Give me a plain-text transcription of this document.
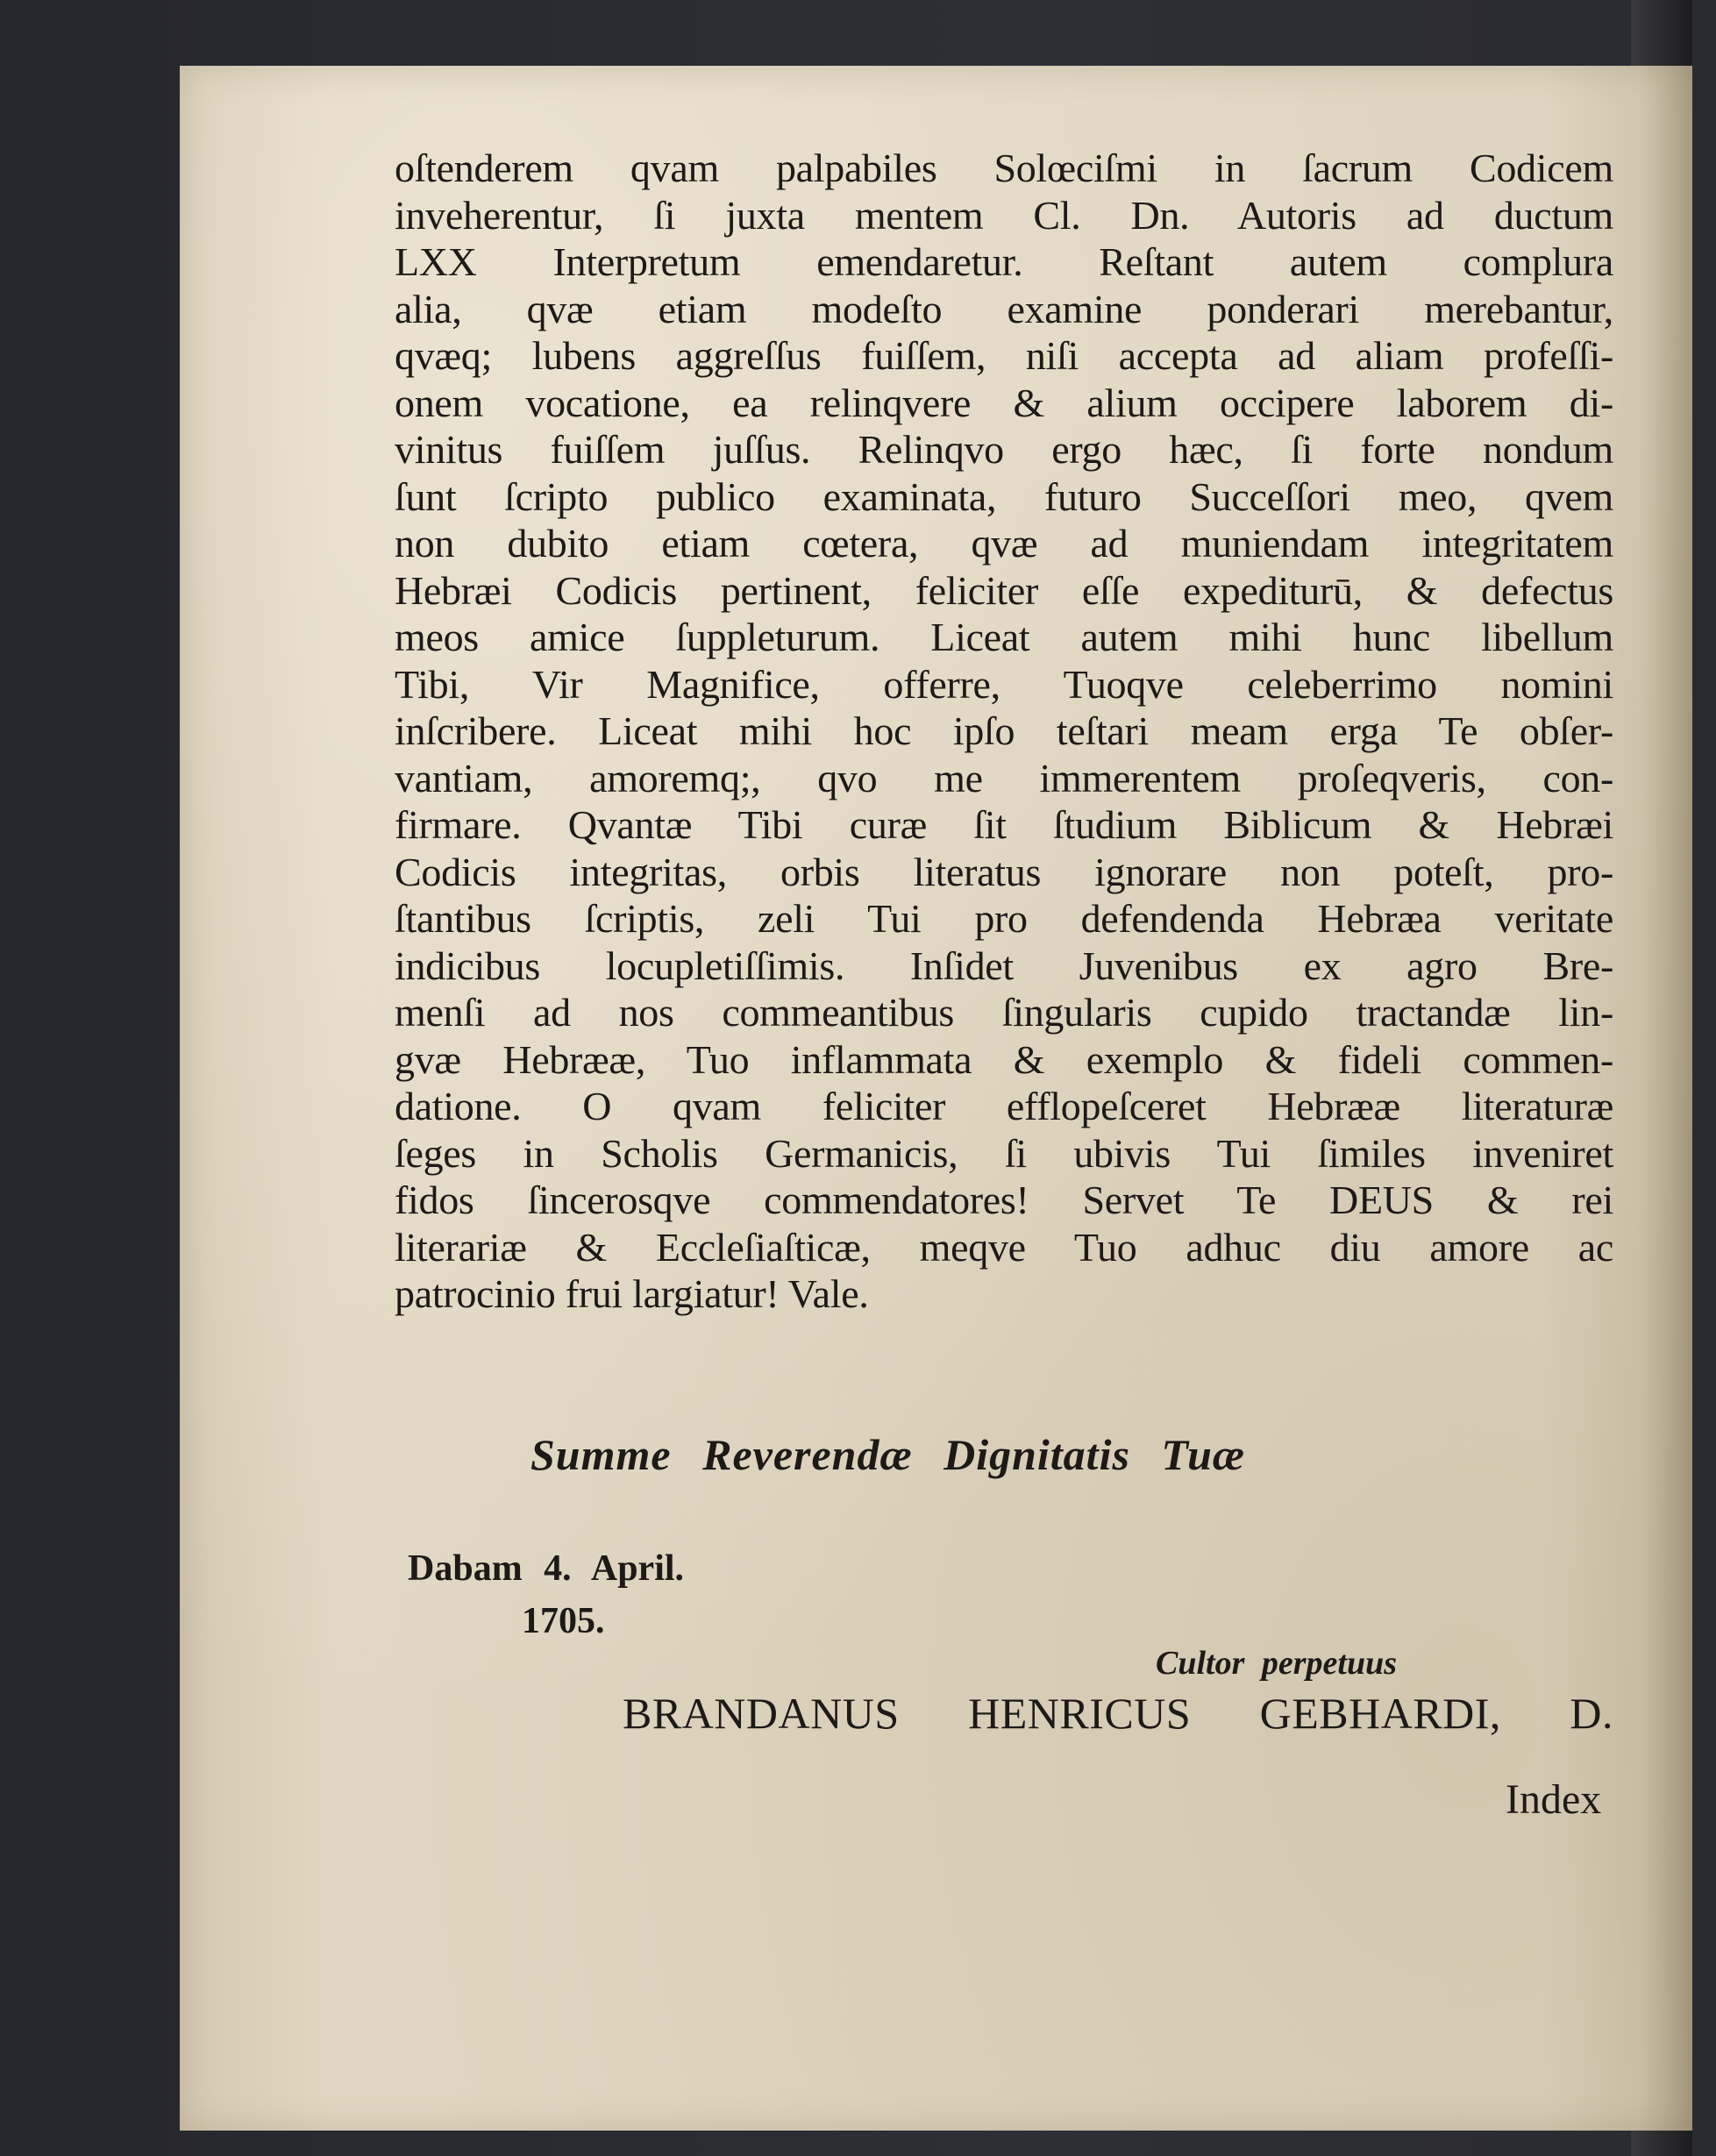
oſtenderem qvam palpabiles Solœciſmi in ſacrum Codicem
inveherentur, ſi juxta mentem Cl. Dn. Autoris ad ductum
LXX Interpretum emendaretur. Reſtant autem complura
alia, qvæ etiam modeſto examine ponderari merebantur,
qvæq; lubens aggreſſus fuiſſem, niſi accepta ad aliam profeſſi-
onem vocatione, ea relinqvere & alium occipere laborem di-
vinitus fuiſſem juſſus. Relinqvo ergo hæc, ſi forte nondum
ſunt ſcripto publico examinata, futuro Succeſſori meo, qvem
non dubito etiam cœtera, qvæ ad muniendam integritatem
Hebræi Codicis pertinent, feliciter eſſe expediturū, & defectus
meos amice ſuppleturum. Liceat autem mihi hunc libellum
Tibi, Vir Magnifice, offerre, Tuoqve celeberrimo nomini
inſcribere. Liceat mihi hoc ipſo teſtari meam erga Te obſer-
vantiam, amoremq;, qvo me immerentem proſeqveris, con-
firmare. Qvantæ Tibi curæ ſit ſtudium Biblicum & Hebræi
Codicis integritas, orbis literatus ignorare non poteſt, pro-
ſtantibus ſcriptis, zeli Tui pro defendenda Hebræa veritate
indicibus locupletiſſimis. Inſidet Juvenibus ex agro Bre-
menſi ad nos commeantibus ſingularis cupido tractandæ lin-
gvæ Hebrææ, Tuo inflammata & exemplo & fideli commen-
datione. O qvam feliciter efflореſceret Hebrææ literaturæ
ſeges in Scholis Germanicis, ſi ubivis Tui ſimiles inveniret
fidos ſincerosqve commendatores! Servet Te DEUS & rei
literariæ & Eccleſiaſticæ, meqve Tuo adhuc diu amore ac
patrocinio frui largiatur! Vale.
Summe Reverendæ Dignitatis Tuæ
Dabam 4. April.
1705.
Cultor perpetuus
BRANDANUS HENRICUS GEBHARDI, D.
Index
